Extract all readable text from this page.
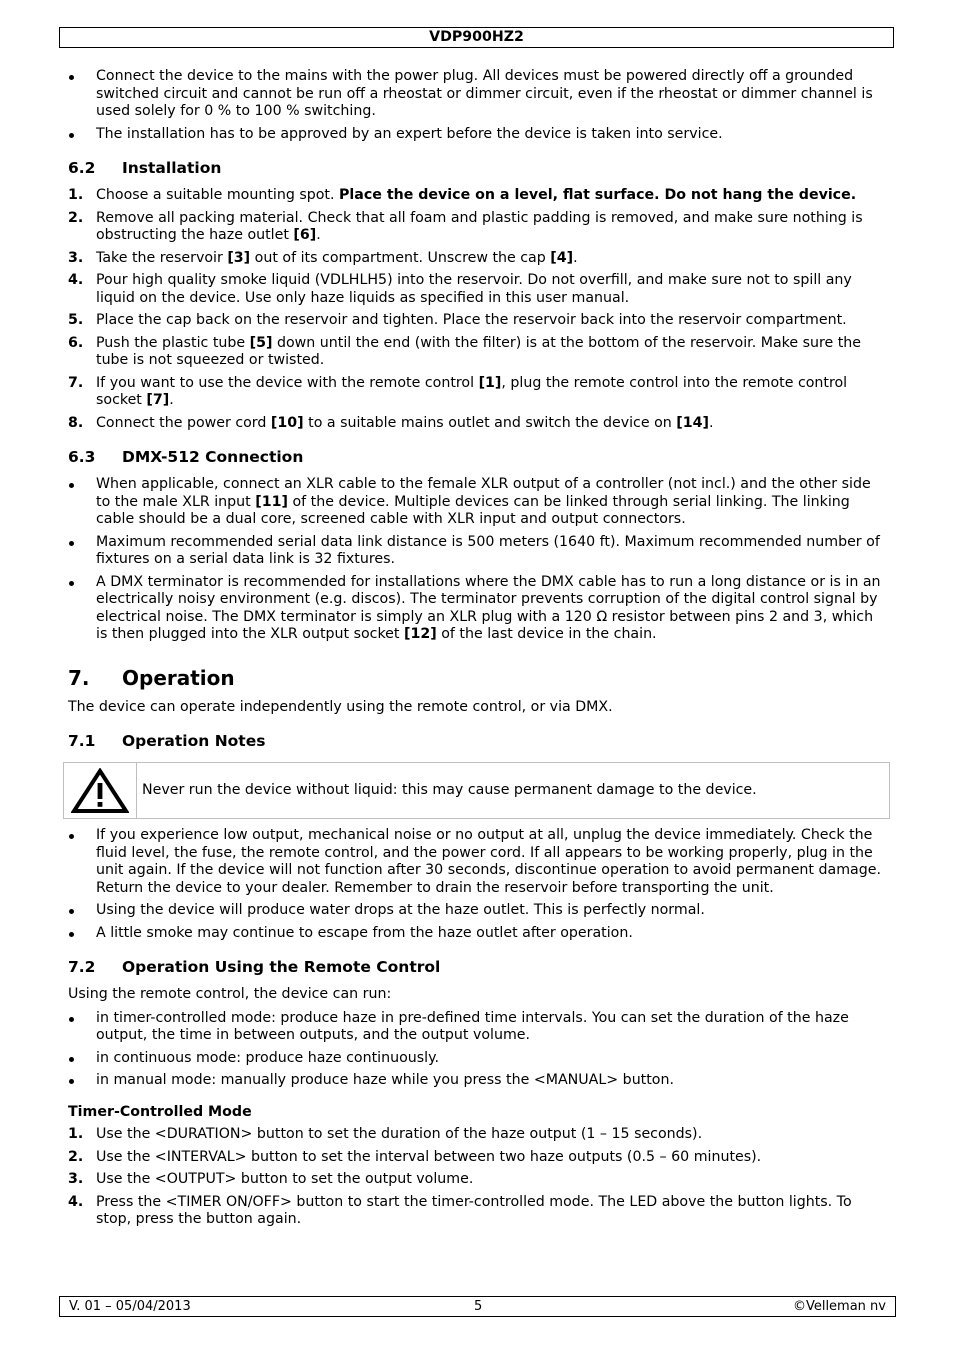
VDP900HZ2
Connect the device to the mains with the power plug. All devices must be powered directly off a grounded switched circuit and cannot be run off a rheostat or dimmer circuit, even if the rheostat or dimmer channel is used solely for 0 % to 100 % switching.
The installation has to be approved by an expert before the device is taken into service.
6.2 Installation
1. Choose a suitable mounting spot. Place the device on a level, flat surface. Do not hang the device.
2. Remove all packing material. Check that all foam and plastic padding is removed, and make sure nothing is obstructing the haze outlet [6].
3. Take the reservoir [3] out of its compartment. Unscrew the cap [4].
4. Pour high quality smoke liquid (VDLHLH5) into the reservoir. Do not overfill, and make sure not to spill any liquid on the device. Use only haze liquids as specified in this user manual.
5. Place the cap back on the reservoir and tighten. Place the reservoir back into the reservoir compartment.
6. Push the plastic tube [5] down until the end (with the filter) is at the bottom of the reservoir. Make sure the tube is not squeezed or twisted.
7. If you want to use the device with the remote control [1], plug the remote control into the remote control socket [7].
8. Connect the power cord [10] to a suitable mains outlet and switch the device on [14].
6.3 DMX-512 Connection
When applicable, connect an XLR cable to the female XLR output of a controller (not incl.) and the other side to the male XLR input [11] of the device. Multiple devices can be linked through serial linking. The linking cable should be a dual core, screened cable with XLR input and output connectors.
Maximum recommended serial data link distance is 500 meters (1640 ft). Maximum recommended number of fixtures on a serial data link is 32 fixtures.
A DMX terminator is recommended for installations where the DMX cable has to run a long distance or is in an electrically noisy environment (e.g. discos). The terminator prevents corruption of the digital control signal by electrical noise. The DMX terminator is simply an XLR plug with a 120 Ω resistor between pins 2 and 3, which is then plugged into the XLR output socket [12] of the last device in the chain.
7. Operation

The device can operate independently using the remote control, or via DMX.

7.1 Operation Notes
Never run the device without liquid: this may cause permanent damage to the device.
If you experience low output, mechanical noise or no output at all, unplug the device immediately. Check the fluid level, the fuse, the remote control, and the power cord. If all appears to be working properly, plug in the unit again. If the device will not function after 30 seconds, discontinue operation to avoid permanent damage. Return the device to your dealer. Remember to drain the reservoir before transporting the unit.
Using the device will produce water drops at the haze outlet. This is perfectly normal.
A little smoke may continue to escape from the haze outlet after operation.
7.2 Operation Using the Remote Control

Using the remote control, the device can run:

in timer-controlled mode: produce haze in pre-defined time intervals. You can set the duration of the haze output, the time in between outputs, and the output volume.
in continuous mode: produce haze continuously.
in manual mode: manually produce haze while you press the <MANUAL> button.
Timer-Controlled Mode
1. Use the <DURATION> button to set the duration of the haze output (1 – 15 seconds).
2. Use the <INTERVAL> button to set the interval between two haze outputs (0.5 – 60 minutes).
3. Use the <OUTPUT> button to set the output volume.
4. Press the <TIMER ON/OFF> button to start the timer-controlled mode. The LED above the button lights. To stop, press the button again.
V. 01 – 05/04/2013	5	©Velleman nv
